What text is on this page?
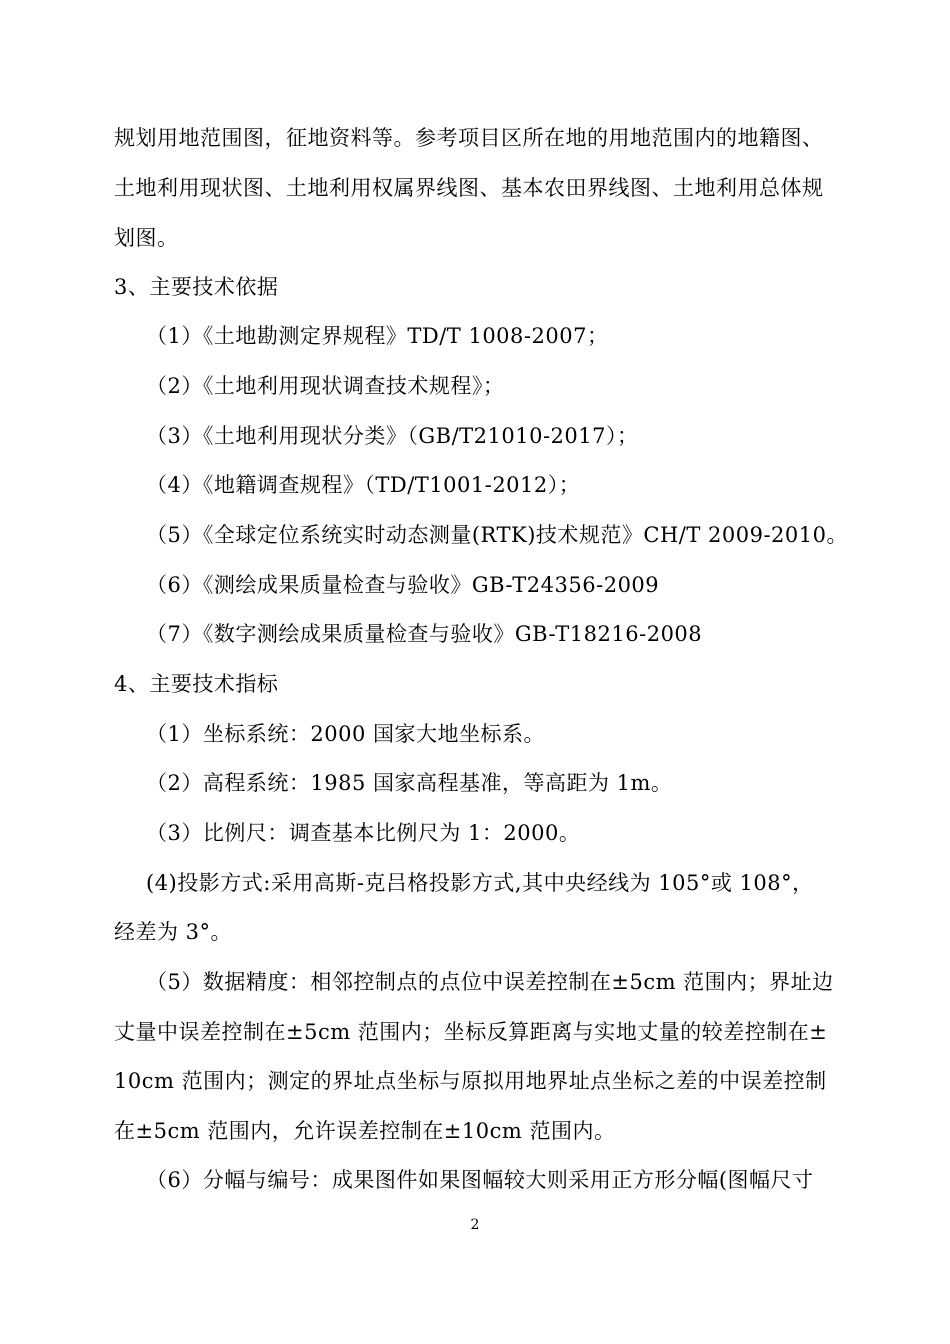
规划用地范围图，征地资料等。参考项目区所在地的用地范围内的地籍图、
土地利用现状图、土地利用权属界线图、基本农田界线图、土地利用总体规
划图。
3、主要技术依据
（1）《土地勘测定界规程》TD/T 1008-2007；
（2）《土地利用现状调查技术规程》；
（3）《土地利用现状分类》（GB/T21010-2017）；
（4）《地籍调查规程》（TD/T1001-2012）；
（5）《全球定位系统实时动态测量(RTK)技术规范》CH/T 2009-2010。
（6）《测绘成果质量检查与验收》GB-T24356-2009
（7）《数字测绘成果质量检查与验收》GB-T18216-2008
4、主要技术指标
（1）坐标系统：2000 国家大地坐标系。
（2）高程系统：1985 国家高程基准，等高距为 1m。
（3）比例尺：调查基本比例尺为 1：2000。
(4)投影方式:采用高斯-克吕格投影方式,其中央经线为 105°或 108°，
经差为 3°。
（5）数据精度：相邻控制点的点位中误差控制在±5cm 范围内；界址边
丈量中误差控制在±5cm 范围内；坐标反算距离与实地丈量的较差控制在±
10cm 范围内；测定的界址点坐标与原拟用地界址点坐标之差的中误差控制
在±5cm 范围内，允许误差控制在±10cm 范围内。
（6）分幅与编号：成果图件如果图幅较大则采用正方形分幅(图幅尺寸
2
